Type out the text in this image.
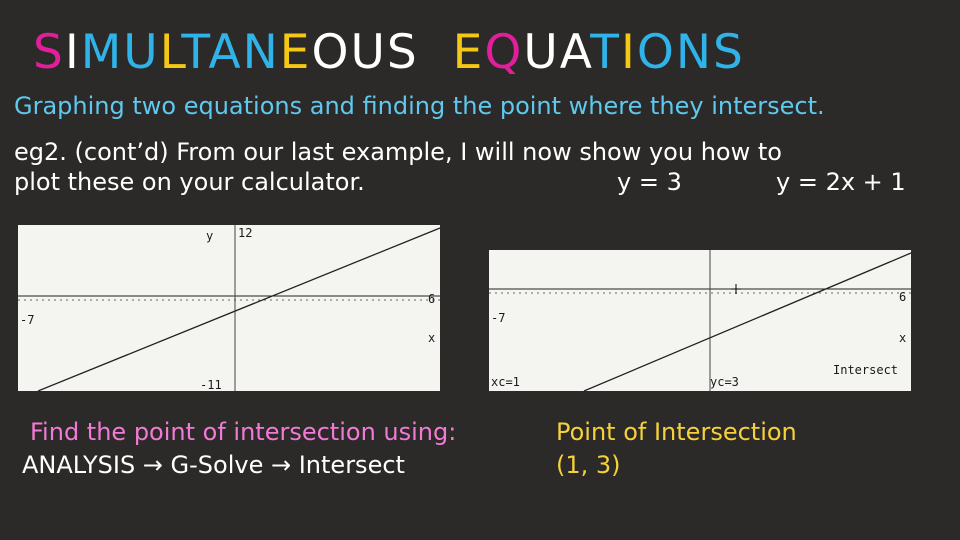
SIMULTANEOUS EQUATIONS
Graphing two equations and finding the point where they intersect.
eg2. (cont’d) From our last example, I will now show you how to
plot these on your calculator.	y = 3	y = 2x + 1
y 12
6
-7
x
-11
6
-7
x
Intersect
xc=1	yc=3
Find the point of intersection using:
ANALYSIS → G-Solve → Intersect
Point of Intersection
(1, 3)
